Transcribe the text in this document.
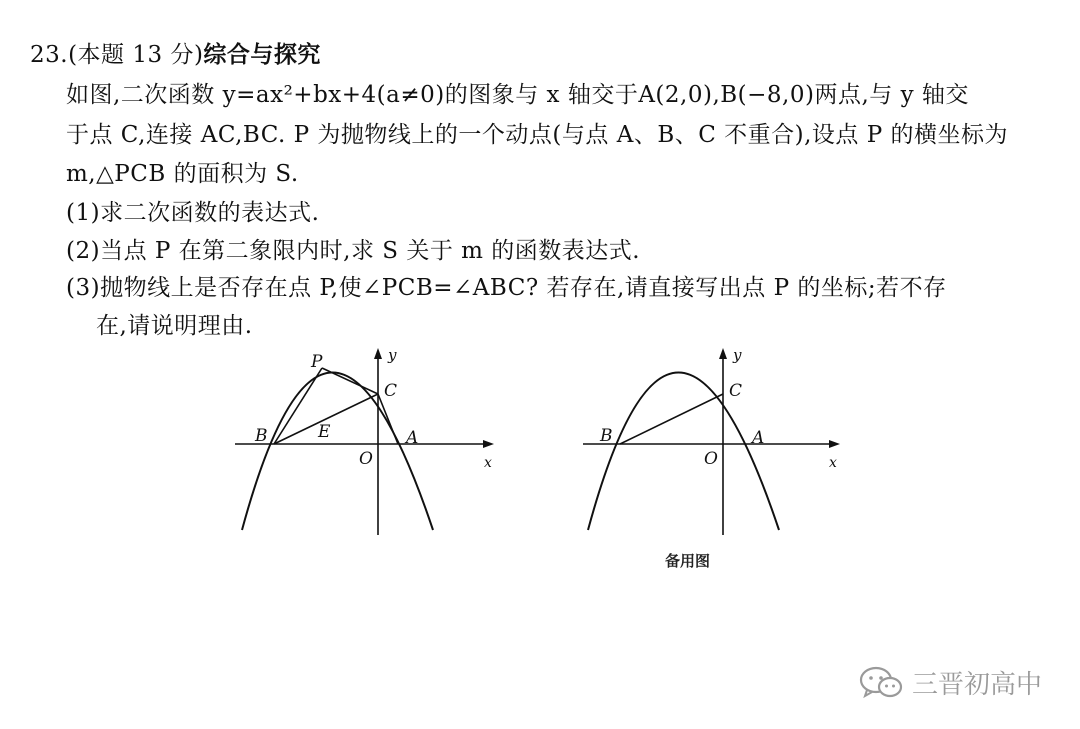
23.(本题 13 分)综合与探究
如图,二次函数 y=ax²+bx+4(a≠0)的图象与 x 轴交于A(2,0),B(−8,0)两点,与 y 轴交
于点 C,连接 AC,BC. P 为抛物线上的一个动点(与点 A、B、C 不重合),设点 P 的横坐标为
m,△PCB 的面积为 S.
(1)求二次函数的表达式.
(2)当点 P 在第二象限内时,求 S 关于 m 的函数表达式.
(3)抛物线上是否存在点 P,使∠PCB=∠ABC? 若存在,请直接写出点 P 的坐标;若不存
在,请说明理由.
P	y
C
B	E	A
O	x
y
C
B	A
O	x
备用图
三晋初高中
